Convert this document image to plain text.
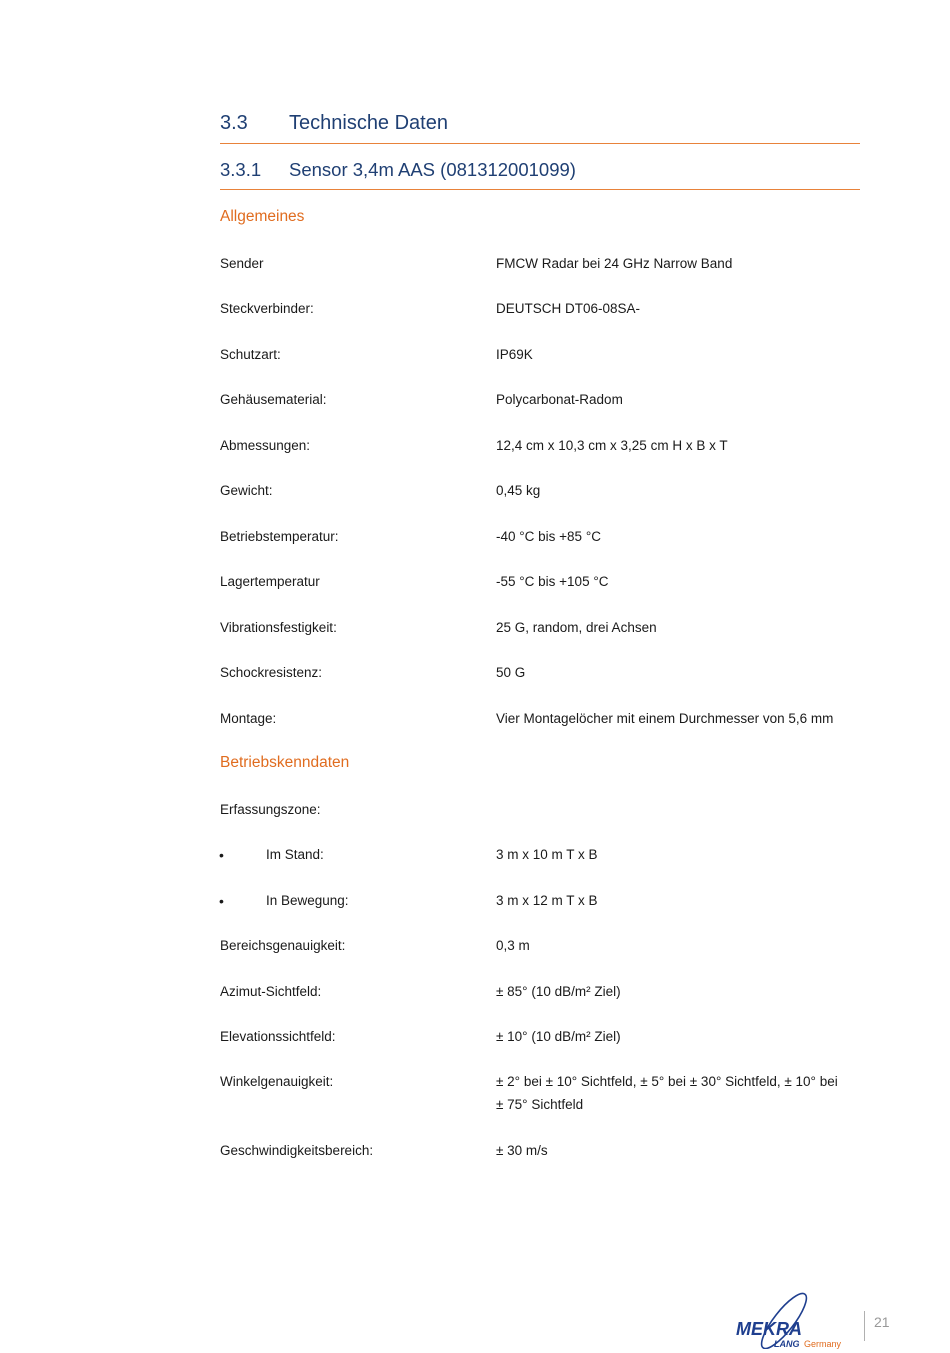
3.3 Technische Daten
3.3.1 Sensor 3,4m AAS (081312001099)
Allgemeines
Sender	FMCW Radar bei 24 GHz Narrow Band
Steckverbinder:	DEUTSCH DT06-08SA-
Schutzart:	IP69K
Gehäusematerial:	Polycarbonat-Radom
Abmessungen:	12,4 cm x 10,3 cm x 3,25 cm H x B x T
Gewicht:	0,45 kg
Betriebstemperatur:	-40 °C bis +85 °C
Lagertemperatur	-55 °C bis +105 °C
Vibrationsfestigkeit:	25 G, random, drei Achsen
Schockresistenz:	50 G
Montage:	Vier Montagelöcher mit einem Durchmesser von 5,6 mm
Betriebskenndaten
Erfassungszone:
•	Im Stand:	3 m x 10 m T x B
•	In Bewegung:	3 m x 12 m T x B
Bereichsgenauigkeit:	0,3 m
Azimut-Sichtfeld:	± 85° (10 dB/m² Ziel)
Elevationssichtfeld:	± 10° (10 dB/m² Ziel)
Winkelgenauigkeit:	± 2° bei ± 10° Sichtfeld, ± 5° bei ± 30° Sichtfeld, ± 10° bei ± 75° Sichtfeld
Geschwindigkeitsbereich:	± 30 m/s
MEKRA
LANG Germany
21
